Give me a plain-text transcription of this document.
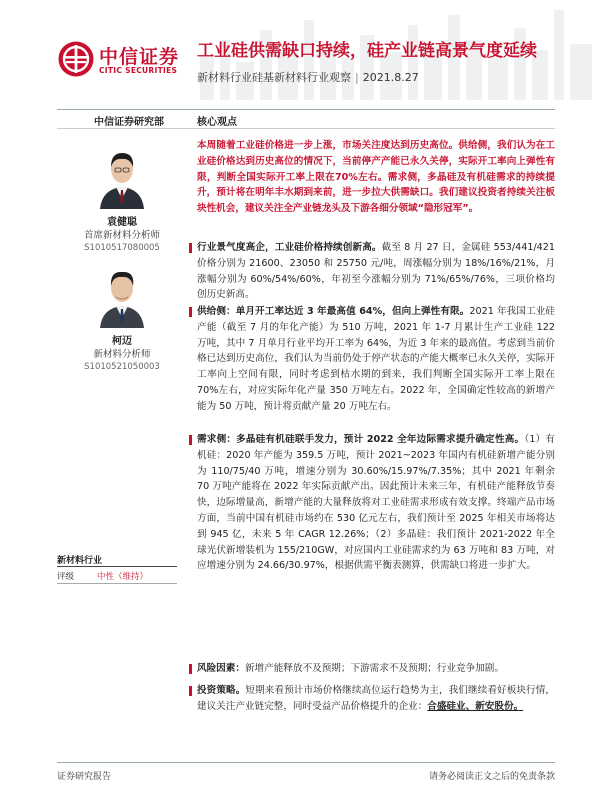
中信证券
CITIC SECURITIES
工业硅供需缺口持续，硅产业链高景气度延续
新材料行业硅基新材料行业观察 | 2021.8.27
中信证券研究部	核心观点
袁健聪
首席新材料分析师
S1010517080005
柯迈
新材料分析师
S1010521050003
新材料行业
评级	中性（维持）
本周随着工业硅价格进一步上涨，市场关注度达到历史高位。供给侧，我们认为在工业硅价格达到历史高位的情况下，当前停产产能已永久关停，实际开工率向上弹性有限，判断全国实际开工率上限在70%左右。需求侧，多晶硅及有机硅需求的持续提升，预计将在明年丰水期到来前，进一步拉大供需缺口。我们建议投资者持续关注板块性机会，建议关注全产业链龙头及下游各细分领域“隐形冠军”。
行业景气度高企，工业硅价格持续创新高。截至 8 月 27 日，金属硅 553/441/421 价格分别为 21600、23050 和 25750 元/吨，周涨幅分别为 18%/16%/21%，月涨幅分别为 60%/54%/60%，年初至今涨幅分别为 71%/65%/76%，三项价格均创历史新高。
供给侧：单月开工率达近 3 年最高值 64%，但向上弹性有限。2021 年我国工业硅产能（截至 7 月的年化产能）为 510 万吨，2021 年 1-7 月累计生产工业硅 122 万吨，其中 7 月单月行业平均开工率为 64%，为近 3 年来的最高值。考虑到当前价格已达到历史高位，我们认为当前仍处于停产状态的产能大概率已永久关停，实际开工率向上空间有限，同时考虑到枯水期的到来，我们判断全国实际开工率上限在 70%左右，对应实际年化产量 350 万吨左右。2022 年，全国确定性较高的新增产能为 50 万吨，预计将贡献产量 20 万吨左右。
需求侧：多晶硅有机硅联手发力，预计 2022 全年边际需求提升确定性高。（1）有机硅：2020 年产能为 359.5 万吨，预计 2021~2023 年国内有机硅新增产能分别为 110/75/40 万吨，增速分别为 30.60%/15.97%/7.35%；其中 2021 年剩余 70 万吨产能将在 2022 年实际贡献产出。因此预计未来三年，有机硅产能释放节奏快，边际增量高，新增产能的大量释放将对工业硅需求形成有效支撑。终端产品市场方面，当前中国有机硅市场约在 530 亿元左右，我们预计至 2025 年相关市场将达到 945 亿，未来 5 年 CAGR 12.26%；（2）多晶硅：我们预计 2021-2022 年全球光伏新增装机为 155/210GW，对应国内工业硅需求约为 63 万吨和 83 万吨，对应增速分别为 24.66/30.97%，根据供需平衡表测算，供需缺口将进一步扩大。
风险因素：新增产能释放不及预期；下游需求不及预期；行业竞争加剧。
投资策略。短期来看预计市场价格继续高位运行趋势为主，我们继续看好板块行情，建议关注产业链完整，同时受益产品价格提升的企业：合盛硅业、新安股份。
证券研究报告	请务必阅读正文之后的免责条款
